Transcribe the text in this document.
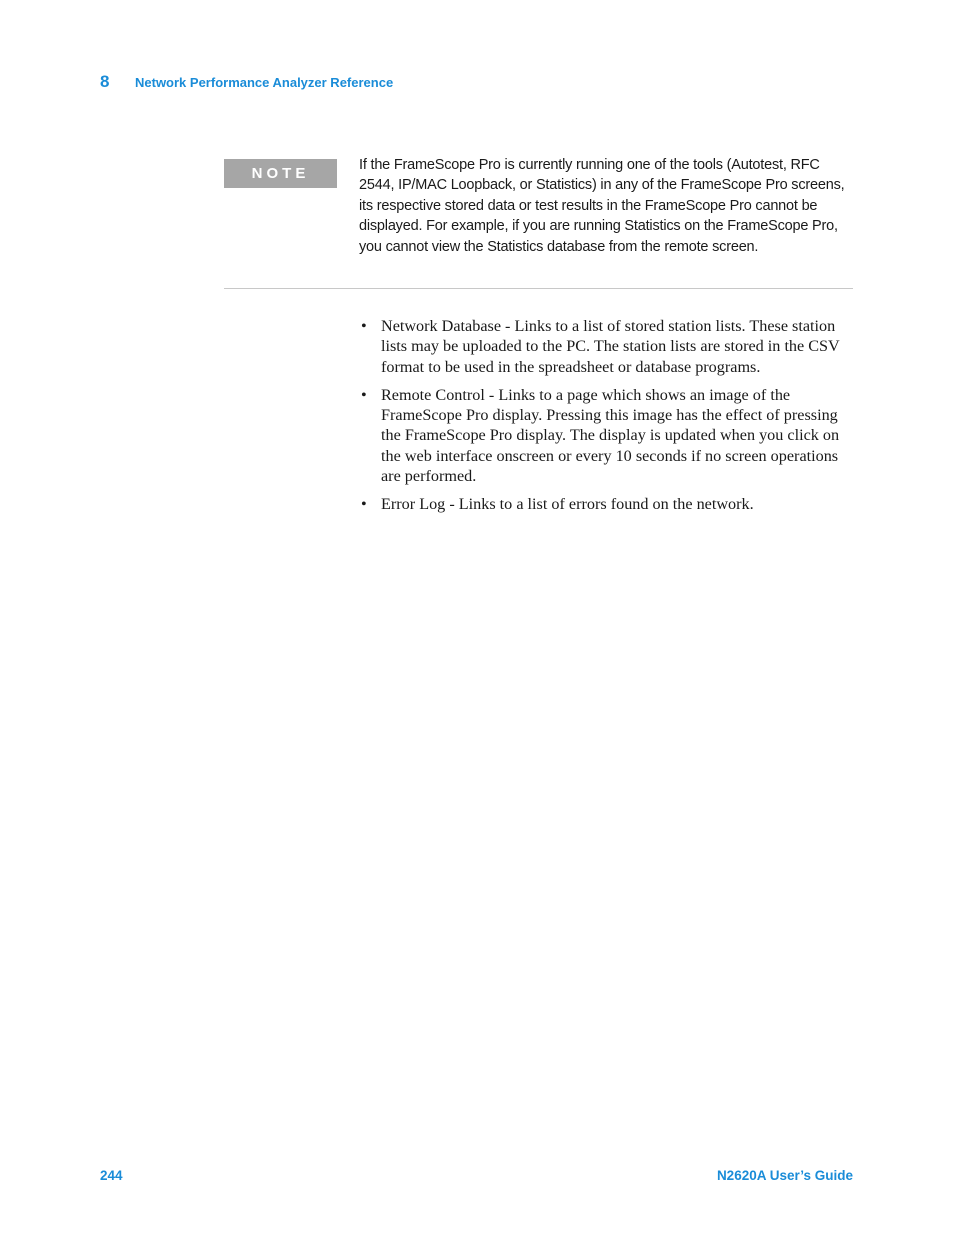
8 Network Performance Analyzer Reference
NOTE	If the FrameScope Pro is currently running one of the tools (Autotest, RFC 2544, IP/MAC Loopback, or Statistics) in any of the FrameScope Pro screens, its respective stored data or test results in the FrameScope Pro cannot be displayed. For example, if you are running Statistics on the FrameScope Pro, you cannot view the Statistics database from the remote screen.
• Network Database - Links to a list of stored station lists. These station lists may be uploaded to the PC. The station lists are stored in the CSV format to be used in the spreadsheet or database programs.
• Remote Control - Links to a page which shows an image of the FrameScope Pro display. Pressing this image has the effect of pressing the FrameScope Pro display. The display is updated when you click on the web interface onscreen or every 10 seconds if no screen operations are performed.
• Error Log - Links to a list of errors found on the network.
244	N2620A User’s Guide
